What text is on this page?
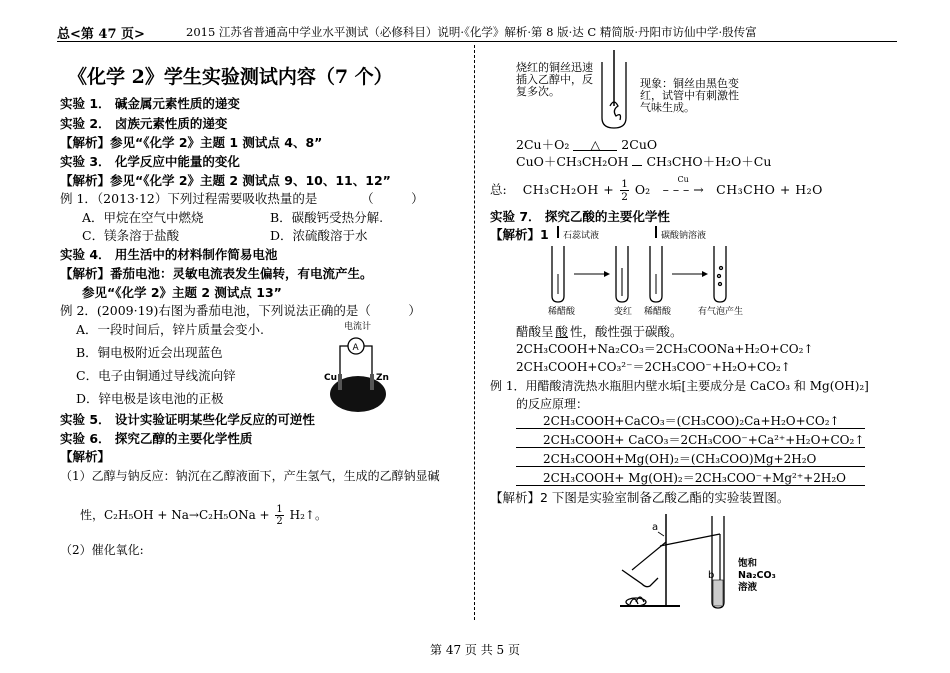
总<第 47 页>	2015 江苏省普通高中学业水平测试（必修科目）说明·《化学》解析·第 8 版·达 C 精简版·丹阳市访仙中学·殷传富
《化学 2》学生实验测试内容（7 个）
实验 1． 碱金属元素性质的递变
实验 2． 卤族元素性质的递变
【解析】参见“《化学 2》主题 1 测试点 4、8”
实验 3． 化学反应中能量的变化
【解析】参见“《化学 2》主题 2 测试点 9、10、11、12”
例 1．（2013·12）下列过程需要吸收热量的是　　　　（　　　）
A．甲烷在空气中燃烧	B．碳酸钙受热分解.
C．镁条溶于盐酸	D．浓硫酸溶于水
实验 4． 用生活中的材料制作简易电池
【解析】番茄电池：灵敏电流表发生偏转，有电流产生。
参见“《化学 2》主题 2 测试点 13”
例 2．(2009·19)右图为番茄电池，下列说法正确的是（　　　）
A．一段时间后，锌片质量会变小.
B．铜电极附近会出现蓝色
C．电子由铜通过导线流向锌
D．锌电极是该电池的正极
电流计
A
Cu	Zn
实验 5． 设计实验证明某些化学反应的可逆性
实验 6． 探究乙醇的主要化学性质
【解析】
（1）乙醇与钠反应：钠沉在乙醇液面下，产生氢气，生成的乙醇钠显碱
性，$C_2H_5OH + Na\to C_2H_5ONa + \frac{1}{2}$ H₂↑。
（2）催化氧化:
烧红的铜丝迅速
插入乙醇中，反
复多次。
现象：铜丝由黑色变
红，试管中有刺激性
气味生成。
2Cu＋O₂ △ 2CuO
CuO＋CH₃CH₂OH CH₃CHO＋H₂O＋Cu
总: $CH_3CH_2OH + \frac{1}{2} O_2$
Cu
– – – → CH₃CHO + H₂O
实验 7． 探究乙酸的主要化学性
【解析】1 石蕊试液
稀醋酸	变红
碳酸钠溶液
稀醋酸	有气泡产生
醋酸呈 酸 性，酸性强于碳酸。
2CH₃COOH+Na₂CO₃＝2CH₃COONa+H₂O+CO₂↑
2CH₃COOH+CO₃²⁻＝2CH₃COO⁻+H₂O+CO₂↑
例 1．用醋酸清洗热水瓶胆内壁水垢[主要成分是 CaCO₃ 和 Mg(OH)₂]
的反应原理：
2CH₃COOH+CaCO₃＝(CH₃COO)₂Ca+H₂O+CO₂↑
2CH₃COOH+ CaCO₃＝2CH₃COO⁻+Ca²⁺+H₂O+CO₂↑
2CH₃COOH+Mg(OH)₂＝(CH₃COO)Mg+2H₂O
2CH₃COOH+ Mg(OH)₂＝2CH₃COO⁻+Mg²⁺+2H₂O
【解析】2 下图是实验室制备乙酸乙酯的实验装置图。
a
b
饱和
Na₂CO₃
溶液
第 47 页 共 5 页
